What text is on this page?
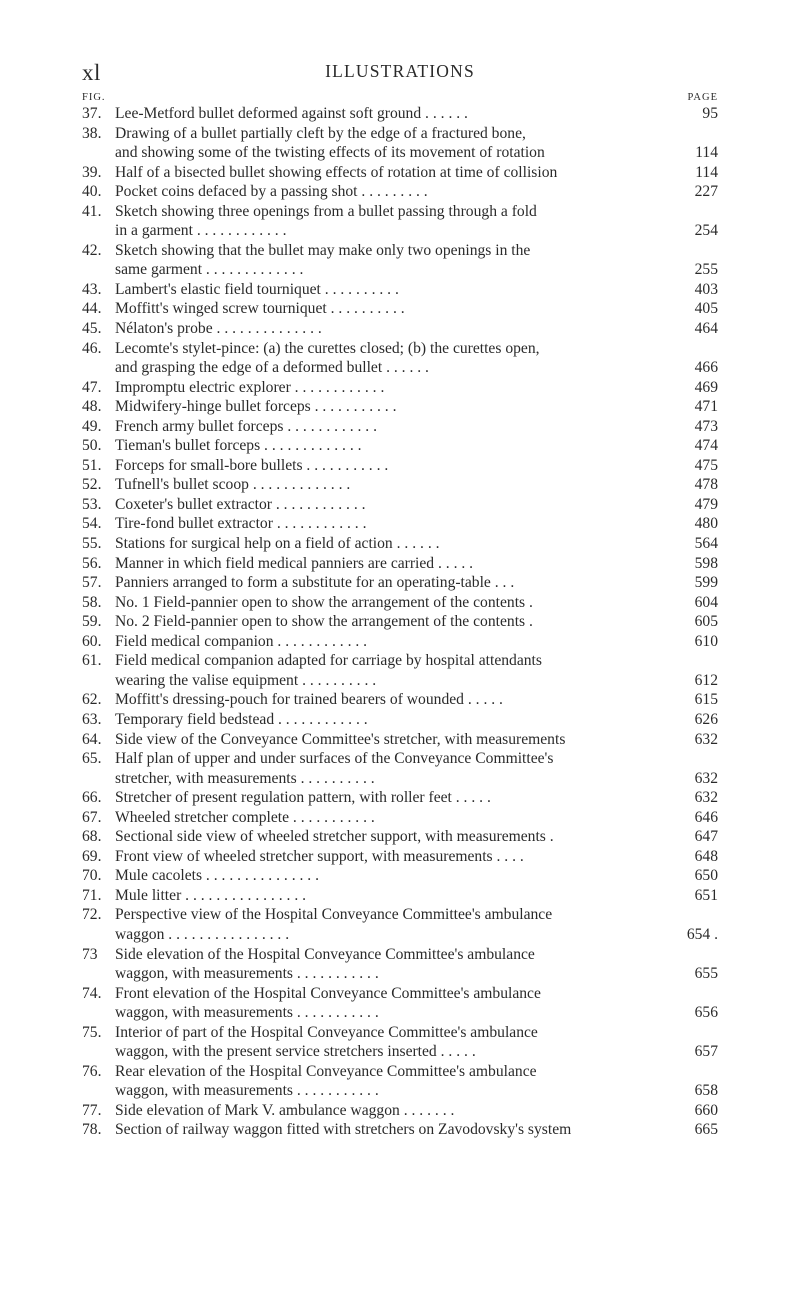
xl	ILLUSTRATIONS
FIG.	PAGE
37. Lee-Metford bullet deformed against soft ground . . . . . .	95
38. Drawing of a bullet partially cleft by the edge of a fractured bone,
and showing some of the twisting effects of its movement of rotation	114
39. Half of a bisected bullet showing effects of rotation at time of collision	114
40. Pocket coins defaced by a passing shot . . . . . . . . .	227
41. Sketch showing three openings from a bullet passing through a fold
in a garment . . . . . . . . . . . .	254
42. Sketch showing that the bullet may make only two openings in the
same garment . . . . . . . . . . . . .	255
43. Lambert's elastic field tourniquet . . . . . . . . . .	403
44. Moffitt's winged screw tourniquet . . . . . . . . . .	405
45. Nélaton's probe . . . . . . . . . . . . . .	464
46. Lecomte's stylet-pince: (a) the curettes closed; (b) the curettes open,
and grasping the edge of a deformed bullet . . . . . .	466
47. Impromptu electric explorer . . . . . . . . . . . .	469
48. Midwifery-hinge bullet forceps . . . . . . . . . . .	471
49. French army bullet forceps . . . . . . . . . . . .	473
50. Tieman's bullet forceps . . . . . . . . . . . . .	474
51. Forceps for small-bore bullets . . . . . . . . . . .	475
52. Tufnell's bullet scoop . . . . . . . . . . . . .	478
53. Coxeter's bullet extractor . . . . . . . . . . . .	479
54. Tire-fond bullet extractor . . . . . . . . . . . .	480
55. Stations for surgical help on a field of action . . . . . .	564
56. Manner in which field medical panniers are carried . . . . .	598
57. Panniers arranged to form a substitute for an operating-table . . .	599
58. No. 1 Field-pannier open to show the arrangement of the contents .	604
59. No. 2 Field-pannier open to show the arrangement of the contents .	605
60. Field medical companion . . . . . . . . . . . .	610
61. Field medical companion adapted for carriage by hospital attendants
wearing the valise equipment . . . . . . . . . .	612
62. Moffitt's dressing-pouch for trained bearers of wounded . . . . .	615
63. Temporary field bedstead . . . . . . . . . . . .	626
64. Side view of the Conveyance Committee's stretcher, with measurements	632
65. Half plan of upper and under surfaces of the Conveyance Committee's
stretcher, with measurements . . . . . . . . . .	632
66. Stretcher of present regulation pattern, with roller feet . . . . .	632
67. Wheeled stretcher complete . . . . . . . . . . .	646
68. Sectional side view of wheeled stretcher support, with measurements .	647
69. Front view of wheeled stretcher support, with measurements . . . .	648
70. Mule cacolets . . . . . . . . . . . . . . .	650
71. Mule litter . . . . . . . . . . . . . . . .	651
72. Perspective view of the Hospital Conveyance Committee's ambulance
waggon . . . . . . . . . . . . . . . .	654 .
73 Side elevation of the Hospital Conveyance Committee's ambulance
waggon, with measurements . . . . . . . . . . .	655
74. Front elevation of the Hospital Conveyance Committee's ambulance
waggon, with measurements . . . . . . . . . . .	656
75. Interior of part of the Hospital Conveyance Committee's ambulance
waggon, with the present service stretchers inserted . . . . .	657
76. Rear elevation of the Hospital Conveyance Committee's ambulance
waggon, with measurements . . . . . . . . . . .	658
77. Side elevation of Mark V. ambulance waggon . . . . . . .	660
78. Section of railway waggon fitted with stretchers on Zavodovsky's system	665
